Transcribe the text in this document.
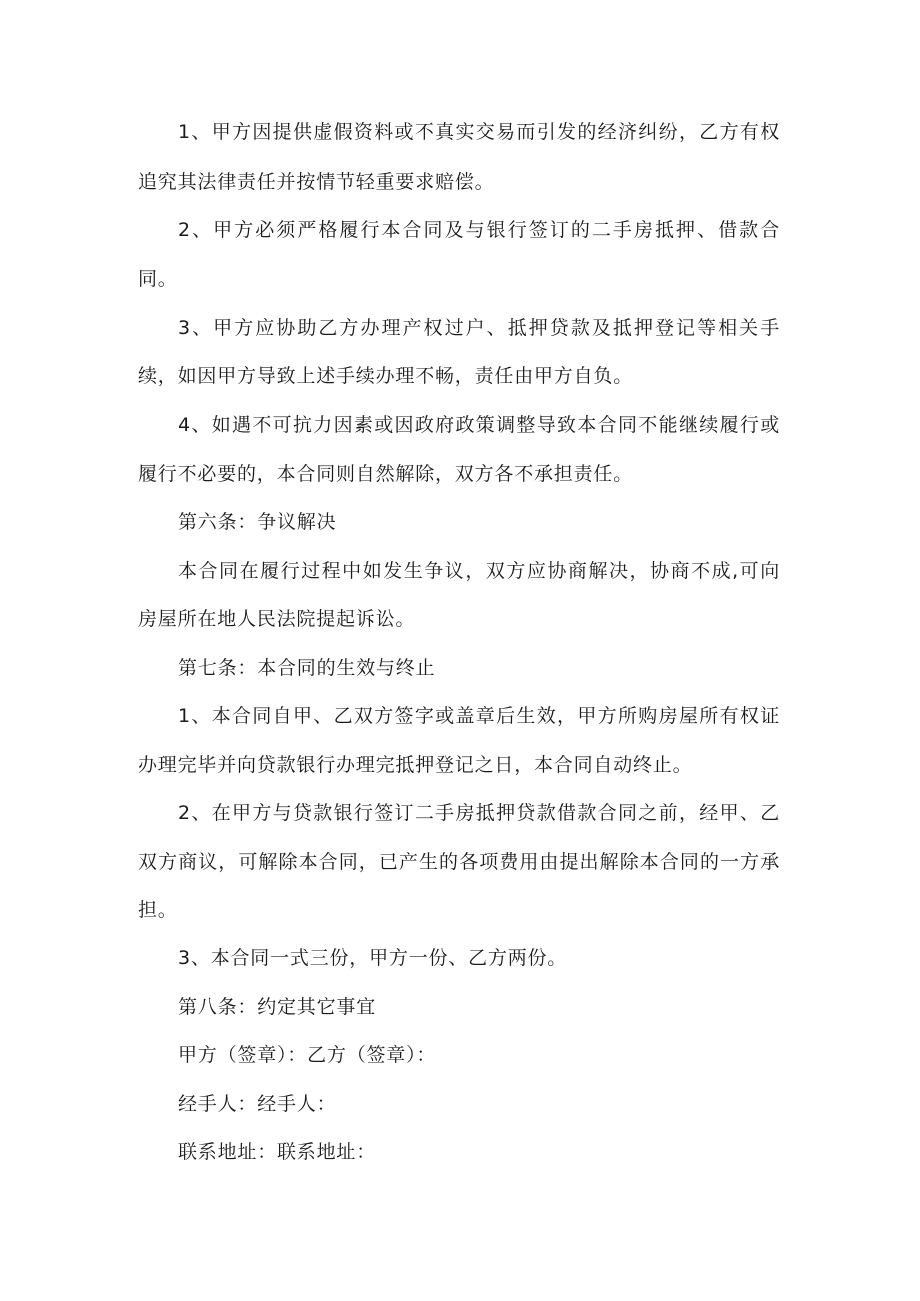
1、甲方因提供虚假资料或不真实交易而引发的经济纠纷，乙方有权

追究其法律责任并按情节轻重要求赔偿。

2、甲方必须严格履行本合同及与银行签订的二手房抵押、借款合

同。

3、甲方应协助乙方办理产权过户、抵押贷款及抵押登记等相关手

续，如因甲方导致上述手续办理不畅，责任由甲方自负。

4、如遇不可抗力因素或因政府政策调整导致本合同不能继续履行或

履行不必要的，本合同则自然解除，双方各不承担责任。

第六条：争议解决

本合同在履行过程中如发生争议，双方应协商解决，协商不成,可向

房屋所在地人民法院提起诉讼。

第七条：本合同的生效与终止

1、本合同自甲、乙双方签字或盖章后生效，甲方所购房屋所有权证

办理完毕并向贷款银行办理完抵押登记之日，本合同自动终止。

2、在甲方与贷款银行签订二手房抵押贷款借款合同之前，经甲、乙

双方商议，可解除本合同，已产生的各项费用由提出解除本合同的一方承

担。

3、本合同一式三份，甲方一份、乙方两份。

第八条：约定其它事宜

甲方（签章）：乙方（签章）：

经手人：经手人：

联系地址：联系地址：
